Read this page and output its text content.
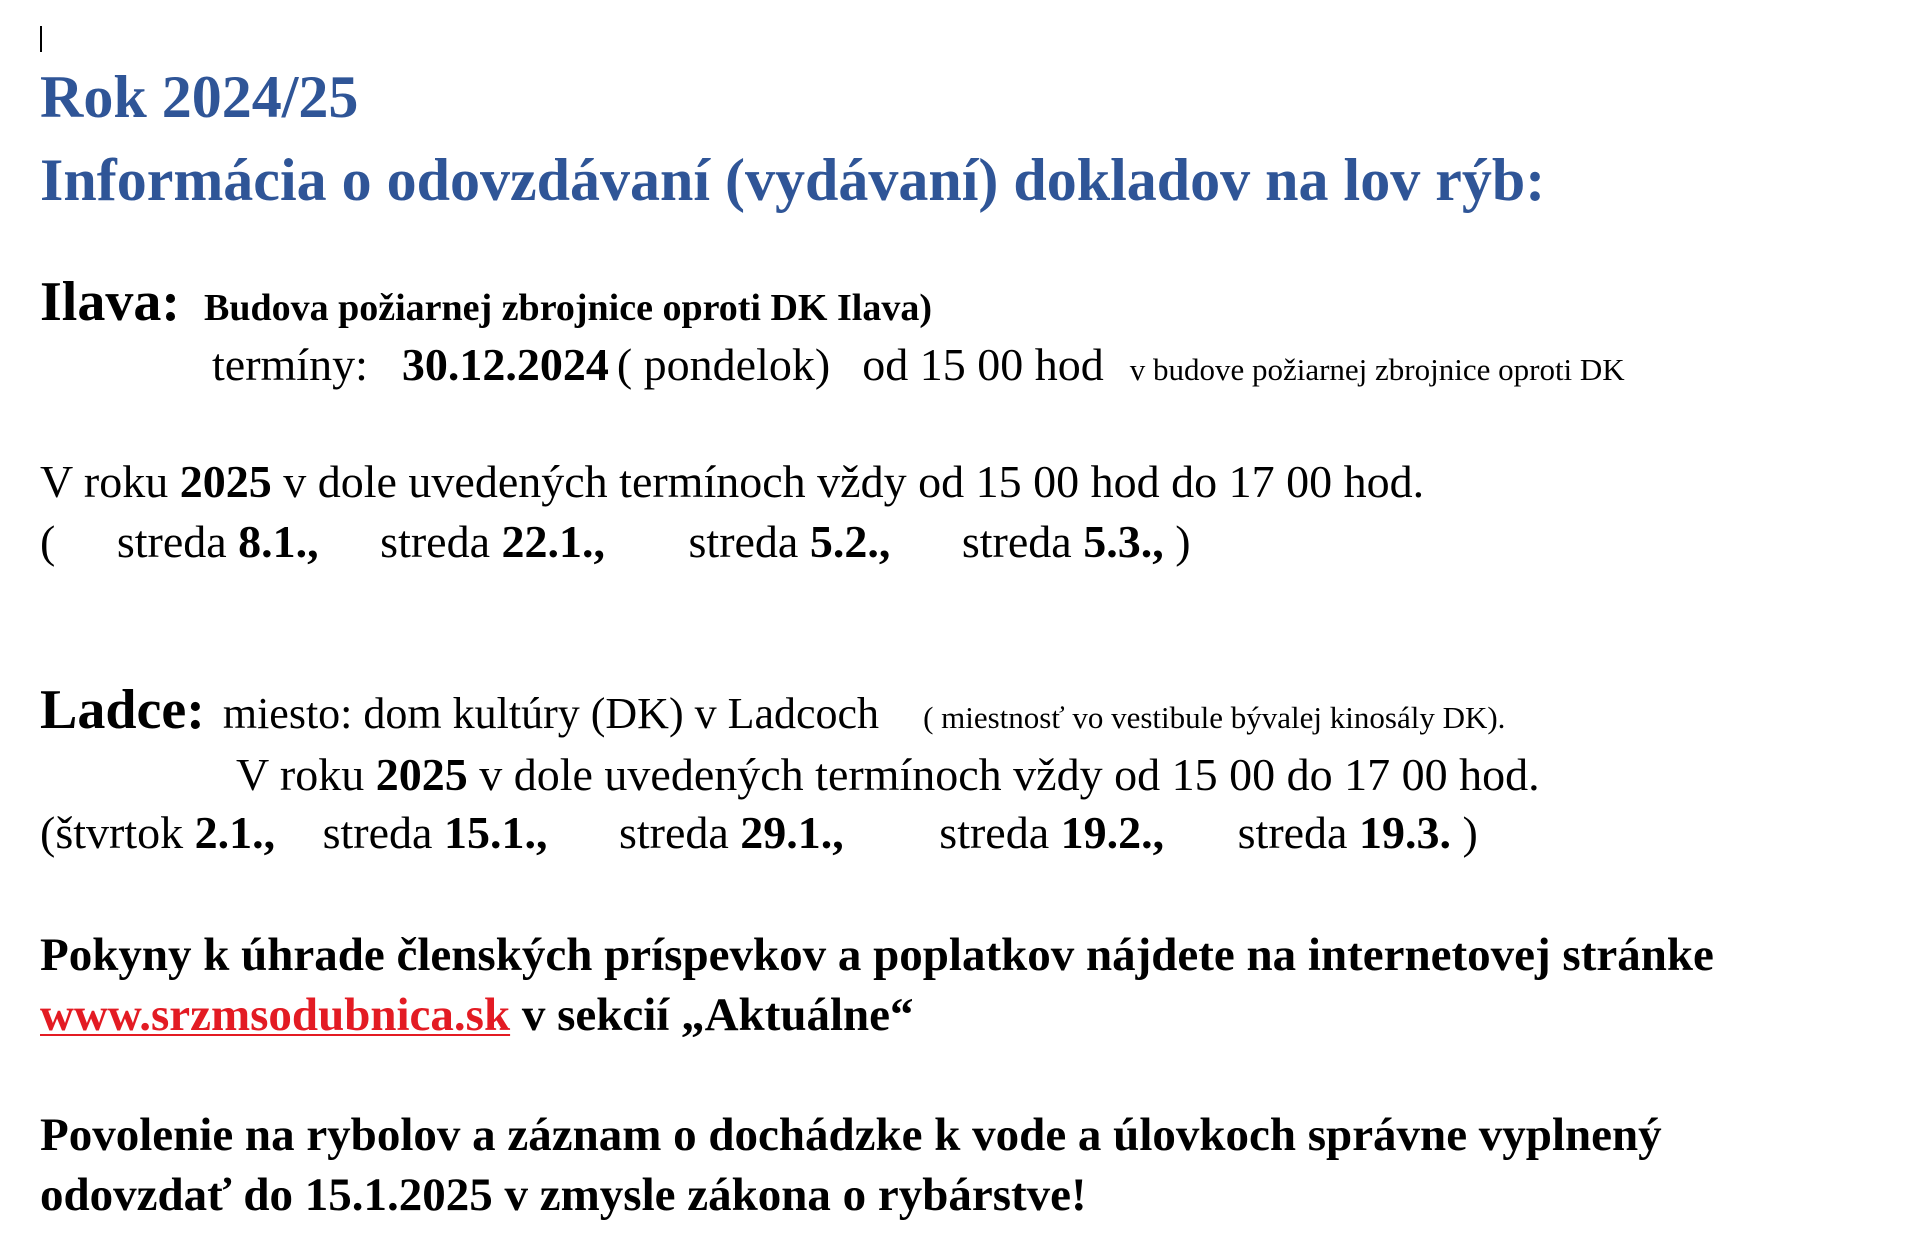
Rok 2024/25
Informácia o odovzdávaní (vydávaní) dokladov na lov rýb:
Ilava: Budova požiarnej zbrojnice oproti DK Ilava)
termíny: 30.12.2024 ( pondelok) od 15 00 hod v budove požiarnej zbrojnice oproti DK
V roku 2025 v dole uvedených termínoch vždy od 15 00 hod do 17 00 hod.
( streda 8.1., streda 22.1., streda 5.2., streda 5.3., )
Ladce: miesto: dom kultúry (DK) v Ladcoch ( miestnosť vo vestibule bývalej kinosály DK).
V roku 2025 v dole uvedených termínoch vždy od 15 00 do 17 00 hod.
(štvrtok 2.1., streda 15.1., streda 29.1., streda 19.2., streda 19.3. )
Pokyny k úhrade členských príspevkov a poplatkov nájdete na internetovej stránke
www.srzmsodubnica.sk v sekcií „Aktuálne“
Povolenie na rybolov a záznam o dochádzke k vode a úlovkoch správne vyplnený
odovzdať do 15.1.2025 v zmysle zákona o rybárstve!
